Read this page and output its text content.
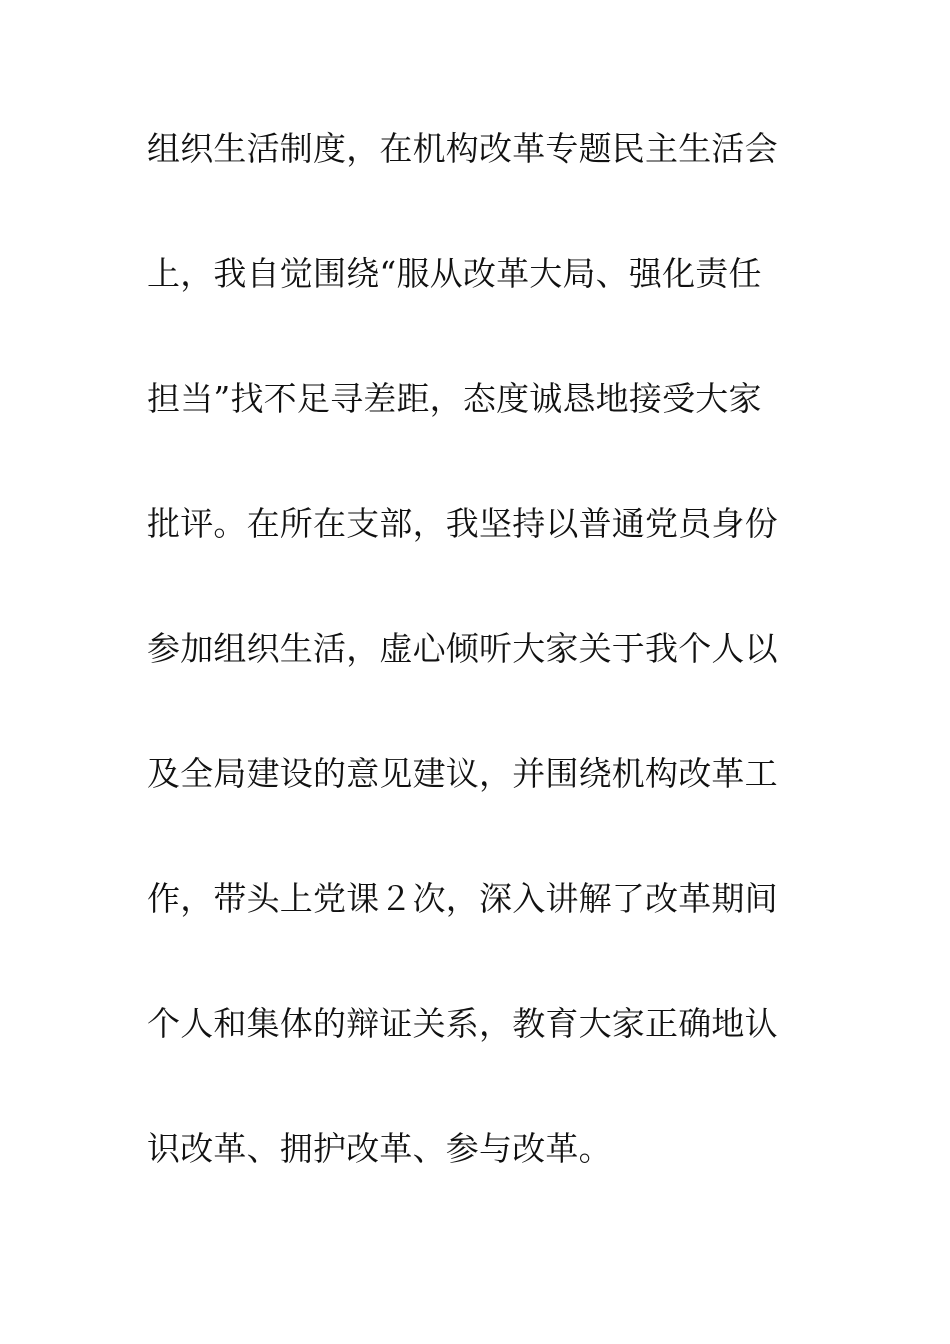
组织生活制度，在机构改革专题民主生活会
上，我自觉围绕“服从改革大局、强化责任
担当”找不足寻差距，态度诚恳地接受大家
批评。在所在支部，我坚持以普通党员身份
参加组织生活，虚心倾听大家关于我个人以
及全局建设的意见建议，并围绕机构改革工
作，带头上党课２次，深入讲解了改革期间
个人和集体的辩证关系，教育大家正确地认
识改革、拥护改革、参与改革。
